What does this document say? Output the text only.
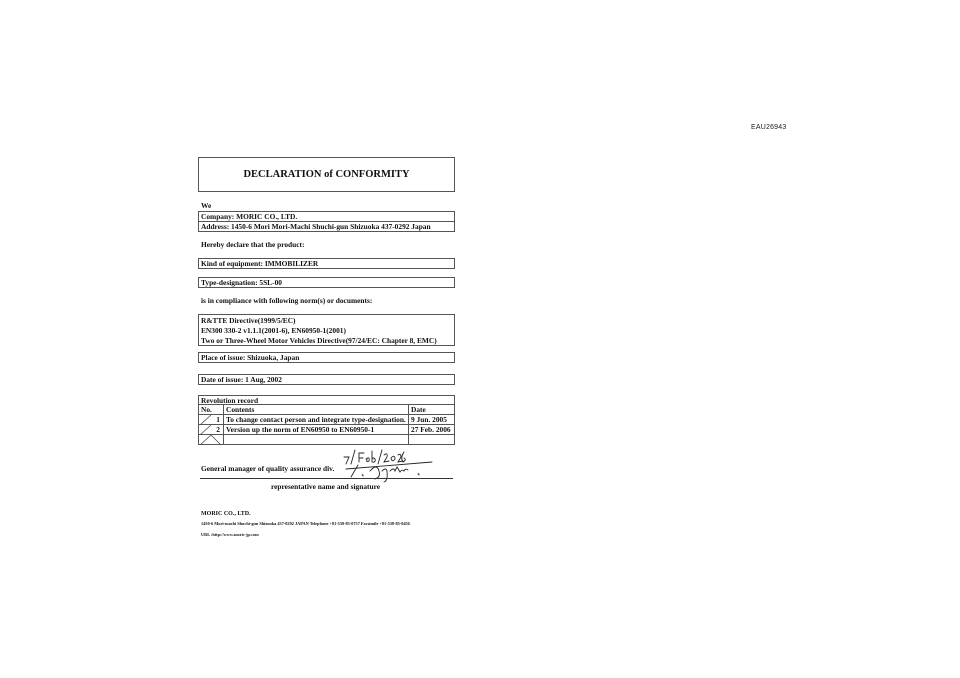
EAU26943
DECLARATION of CONFORMITY
We
Company: MORIC CO., LTD.
Address: 1450-6 Mori Mori-Machi Shuchi-gun Shizuoka 437-0292 Japan
Hereby declare that the product:
Kind of equipment: IMMOBILIZER
Type-designation: 5SL-00
is in compliance with following norm(s) or documents:
R&TTE Directive(1999/5/EC)
EN300 330-2 v1.1.1(2001-6), EN60950-1(2001)
Two or Three-Wheel Motor Vehicles Directive(97/24/EC: Chapter 8, EMC)
Place of issue: Shizuoka, Japan
Date of issue: 1 Aug, 2002
Revolution record
No.	Contents	Date

1	To change contact person and integrate type-designation.	9 Jun. 2005

2	Version up the norm of EN60950 to EN60950-1	27 Feb. 2006

General manager of quality assurance div.
representative name and signature
MORIC CO., LTD.
1450-6 Mori-machi Shuchi-gun Shizuoka 437-0292 JAPAN Telephone +81-538-85-0757 Facsimile +81-538-85-0456
URL :http://www.moric-jp.com
